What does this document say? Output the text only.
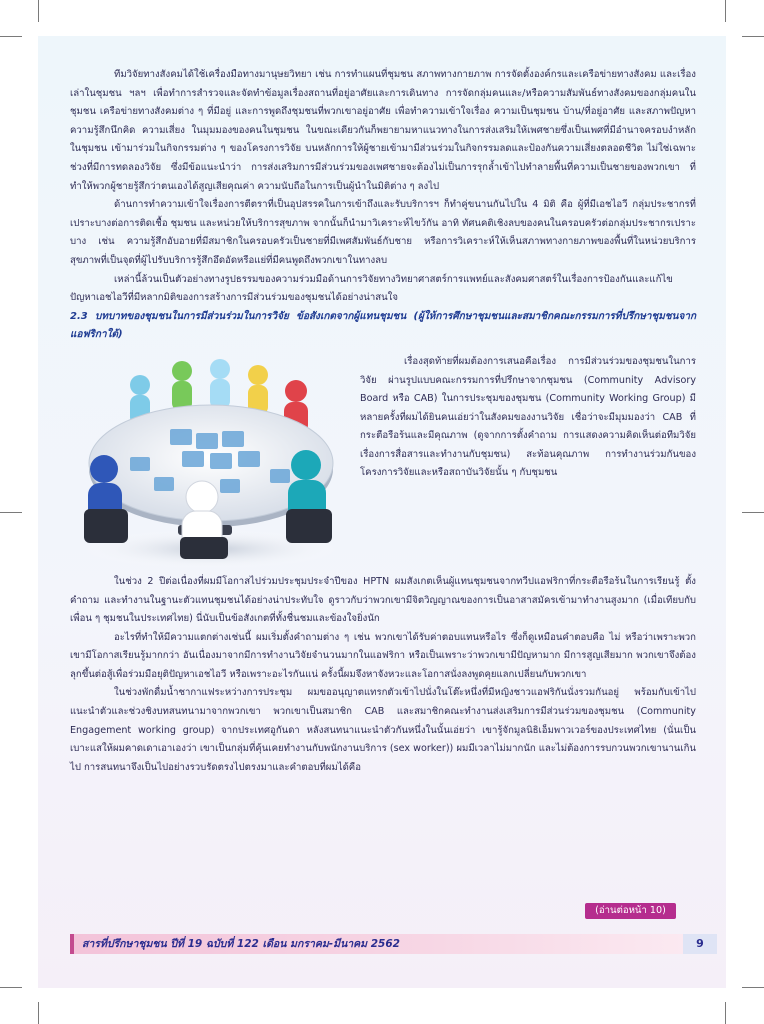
ทีมวิจัยทางสังคมได้ใช้เครื่องมือทางมานุษยวิทยา เช่น การทำแผนที่ชุมชน สภาพทางกายภาพ การจัดตั้งองค์กรและเครือข่ายทางสังคม และเรื่องเล่าในชุมชน ฯลฯ เพื่อทำการสำรวจและจัดทำข้อมูลเรื่องสถานที่อยู่อาศัยและการเดินทาง การจัดกลุ่มคนและ/หรือความสัมพันธ์ทางสังคมของกลุ่มคนในชุมชน เครือข่ายทางสังคมต่าง ๆ ที่มีอยู่ และการพูดถึงชุมชนที่พวกเขาอยู่อาศัย เพื่อทำความเข้าใจเรื่อง ความเป็นชุมชน บ้าน/ที่อยู่อาศัย และสภาพปัญหา ความรู้สึกนึกคิด ความเสี่ยง ในมุมมองของคนในชุมชน ในขณะเดียวกันก็พยายามหาแนวทางในการส่งเสริมให้เพศชายซึ่งเป็นเพศที่มีอำนาจครอบงำหลักในชุมชน เข้ามาร่วมในกิจกรรมต่าง ๆ ของโครงการวิจัย บนหลักการให้ผู้ชายเข้ามามีส่วนร่วมในกิจกรรมลดและป้องกันความเสี่ยงตลอดชีวิต ไม่ใช่เฉพาะช่วงที่มีการทดลองวิจัย ซึ่งมีข้อแนะนำว่า การส่งเสริมการมีส่วนร่วมของเพศชายจะต้องไม่เป็นการรุกล้ำเข้าไปทำลายพื้นที่ความเป็นชายของพวกเขา ที่ทำให้พวกผู้ชายรู้สึกว่าตนเองได้สูญเสียคุณค่า ความนับถือในการเป็นผู้นำในมิติต่าง ๆ ลงไป

ด้านการทำความเข้าใจเรื่องการตีตราที่เป็นอุปสรรคในการเข้าถึงและรับบริการฯ ก็ทำคู่ขนานกันไปใน 4 มิติ คือ ผู้ที่มีเอชไอวี กลุ่มประชากรที่เปราะบางต่อการติดเชื้อ ชุมชน และหน่วยให้บริการสุขภาพ จากนั้นก็นำมาวิเคราะห์ไขว้กัน อาทิ ทัศนคติเชิงลบของคนในครอบครัวต่อกลุ่มประชากรเปราะบาง เช่น ความรู้สึกอับอายที่มีสมาชิกในครอบครัวเป็นชายที่มีเพศสัมพันธ์กับชาย หรือการวิเคราะห์ให้เห็นสภาพทางกายภาพของพื้นที่ในหน่วยบริการสุขภาพที่เป็นจุดที่ผู้ไปรับบริการรู้สึกอึดอัดหรือแย่ที่มีคนพูดถึงพวกเขาในทางลบ

เหล่านี้ล้วนเป็นตัวอย่างทางรูปธรรมของความร่วมมือด้านการวิจัยทางวิทยาศาสตร์การแพทย์และสังคมศาสตร์ในเรื่องการป้องกันและแก้ไขปัญหาเอชไอวีที่มีหลากมิติของการสร้างการมีส่วนร่วมของชุมชนได้อย่างน่าสนใจ

2.3 บทบาทของชุมชนในการมีส่วนร่วมในการวิจัย ข้อสังเกตจากผู้แทนชุมชน (ผู้ให้การศึกษาชุมชนและสมาชิกคณะกรรมการที่ปรึกษาชุมชนจากแอฟริกาใต้)

เรื่องสุดท้ายที่ผมต้องการเสนอคือเรื่อง การมีส่วนร่วมของชุมชนในการวิจัย ผ่านรูปแบบคณะกรรมการที่ปรึกษาจากชุมชน (Community Advisory Board หรือ CAB) ในการประชุมของชุมชน (Community Working Group) มีหลายครั้งที่ผมได้ยินคนเอ่ยว่าในสังคมของงานวิจัย เชื่อว่าจะมีมุมมองว่า CAB ที่กระตือรือร้นและมีคุณภาพ (ดูจากการตั้งคำถาม การแสดงความคิดเห็นต่อทีมวิจัยเรื่องการสื่อสารและทำงานกับชุมชน) สะท้อนคุณภาพ การทำงานร่วมกันของโครงการวิจัยและหรือสถาบันวิจัยนั้น ๆ กับชุมชน

ในช่วง 2 ปีต่อเนื่องที่ผมมีโอกาสไปร่วมประชุมประจำปีของ HPTN ผมสังเกตเห็นผู้แทนชุมชนจากทวีปแอฟริกาที่กระตือรือร้นในการเรียนรู้ ตั้งคำถาม และทำงานในฐานะตัวแทนชุมชนได้อย่างน่าประทับใจ ดูราวกับว่าพวกเขามีจิตวิญญาณของการเป็นอาสาสมัครเข้ามาทำงานสูงมาก (เมื่อเทียบกับเพื่อน ๆ ชุมชนในประเทศไทย) นี่นับเป็นข้อสังเกตที่ทั้งชื่นชมและข้องใจยิ่งนัก

อะไรที่ทำให้มีความแตกต่างเช่นนี้ ผมเริ่มตั้งคำถามต่าง ๆ เช่น พวกเขาได้รับค่าตอบแทนหรือไร ซึ่งก็ดูเหมือนคำตอบคือ ไม่ หรือว่าเพราะพวกเขามีโอกาสเรียนรู้มากกว่า อันเนื่องมาจากมีการทำงานวิจัยจำนวนมากในแอฟริกา หรือเป็นเพราะว่าพวกเขามีปัญหามาก มีการสูญเสียมาก พวกเขาจึงต้องลุกขึ้นต่อสู้เพื่อร่วมมือยุติปัญหาเอชไอวี หรือเพราะอะไรกันแน่ ครั้งนี้ผมจึงหาจังหวะและโอกาสนั่งลงพูดคุยแลกเปลี่ยนกับพวกเขา

ในช่วงพักดื่มน้ำชากาแฟระหว่างการประชุม ผมขออนุญาตแทรกตัวเข้าไปนั่งในโต๊ะหนึ่งที่มีหญิงชาวแอฟริกันนั่งรวมกันอยู่ พร้อมกับเข้าไปแนะนำตัวและช่วงชิงบทสนทนามาจากพวกเขา พวกเขาเป็นสมาชิก CAB และสมาชิกคณะทำงานส่งเสริมการมีส่วนร่วมของชุมชน (Community Engagement working group) จากประเทศอูกันดา หลังสนทนาแนะนำตัวกันหนึ่งในนั้นเอ่ยว่า เขารู้จักมูลนิธิเอ็มพาวเวอร์ของประเทศไทย (นั่นเป็นเบาะแสให้ผมคาดเดาเอาเองว่า เขาเป็นกลุ่มที่คุ้นเคยทำงานกับพนักงานบริการ (sex worker)) ผมมีเวลาไม่มากนัก และไม่ต้องการรบกวนพวกเขานานเกินไป การสนทนาจึงเป็นไปอย่างรวบรัดตรงไปตรงมาและคำตอบที่ผมได้คือ

(อ่านต่อหน้า 10)
สารที่ปรึกษาชุมชน ปีที่ 19 ฉบับที่ 122 เดือน มกราคม-มีนาคม 2562	9
